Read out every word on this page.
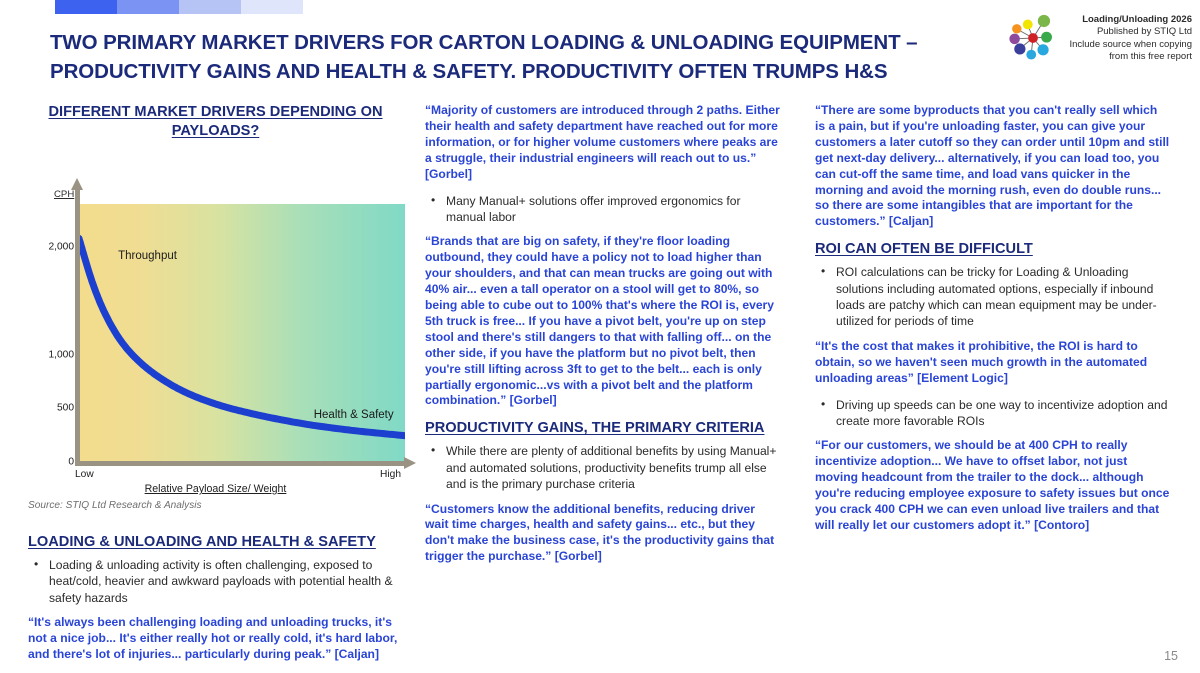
TWO PRIMARY MARKET DRIVERS FOR CARTON LOADING & UNLOADING EQUIPMENT – PRODUCTIVITY GAINS AND HEALTH & SAFETY. PRODUCTIVITY OFTEN TRUMPS H&S
Loading/Unloading 2026
Published by STIQ Ltd
Include source when copying
from this free report
DIFFERENT MARKET DRIVERS DEPENDING ON PAYLOADS?
CPH
2,000
1,000
500
0
Throughput
Health & Safety
Low	High
Relative Payload Size/ Weight
Source: STIQ Ltd Research & Analysis
LOADING & UNLOADING AND HEALTH & SAFETY
• Loading & unloading activity is often challenging, exposed to heat/cold, heavier and awkward payloads with potential health & safety hazards

“It's always been challenging loading and unloading trucks, it's not a nice job... It's either really hot or really cold, it's hard labor, and there's lot of injuries... particularly during peak.” [Caljan]

“Majority of customers are introduced through 2 paths. Either their health and safety department have reached out for more information, or for higher volume customers where peaks are a struggle, their industrial engineers will reach out to us.” [Gorbel]

• Many Manual+ solutions offer improved ergonomics for manual labor

“Brands that are big on safety, if they're floor loading outbound, they could have a policy not to load higher than your shoulders, and that can mean trucks are going out with 40% air... even a tall operator on a stool will get to 80%, so being able to cube out to 100% that's where the ROI is, every 5th truck is free... If you have a pivot belt, you're up on step stool and there's still dangers to that with falling off... on the other side, if you have the platform but no pivot belt, then you're still lifting across 3ft to get to the belt... each is only partially ergonomic...vs with a pivot belt and the platform combination.” [Gorbel]

PRODUCTIVITY GAINS, THE PRIMARY CRITERIA
• While there are plenty of additional benefits by using Manual+ and automated solutions, productivity benefits trump all else and is the primary purchase criteria

“Customers know the additional benefits, reducing driver wait time charges, health and safety gains... etc., but they don't make the business case, it's the productivity gains that trigger the purchase.” [Gorbel]

“There are some byproducts that you can't really sell which is a pain, but if you're unloading faster, you can give your customers a later cutoff so they can order until 10pm and still get next-day delivery... alternatively, if you can load too, you can cut-off the same time, and load vans quicker in the morning and avoid the morning rush, even do double runs... so there are some intangibles that are important for the customers.” [Caljan]

ROI CAN OFTEN BE DIFFICULT
• ROI calculations can be tricky for Loading & Unloading solutions including automated options, especially if inbound loads are patchy which can mean equipment may be under-utilized for periods of time

“It's the cost that makes it prohibitive, the ROI is hard to obtain, so we haven't seen much growth in the automated unloading areas” [Element Logic]

• Driving up speeds can be one way to incentivize adoption and create more favorable ROIs

“For our customers, we should be at 400 CPH to really incentivize adoption... We have to offset labor, not just moving headcount from the trailer to the dock... although you're reducing employee exposure to safety issues but once you crack 400 CPH we can even unload live trailers and that will really let our customers adopt it.” [Contoro]

15
